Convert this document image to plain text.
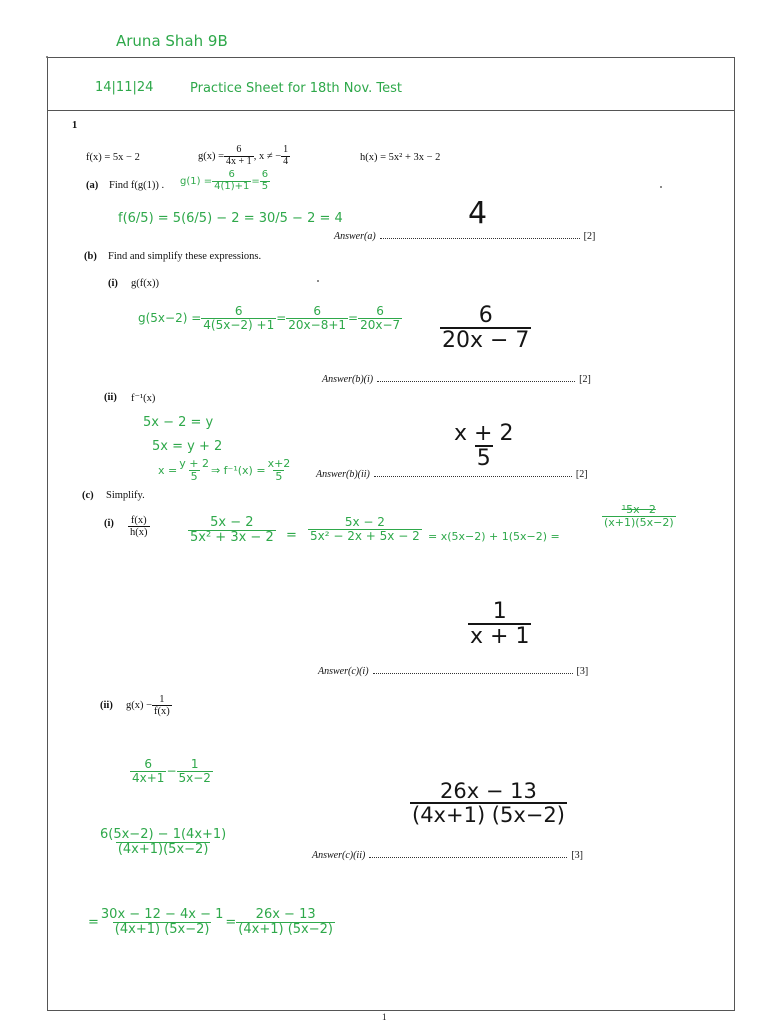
Aruna Shah 9B
14|11|24	Practice Sheet for 18th Nov. Test
1
f(x) = 5x − 2	$g(x) = \frac{6}{4x + 1}$ , x ≠ − $\frac{1}{4}$	h(x) = 5x² + 3x − 2
(a) Find f(g(1)) . $g(1) = \frac{6}{4(1)+1} = \frac{6}{5}$
f(6/5) = 5(6/5) − 2 = 30/5 − 2 = 4	4
Answer(a)	[2]
(b) Find and simplify these expressions.
(i) g(f(x))
$g(5x-2) = \frac{6}{4(5x-2) +1} = \frac{6}{20x-8+1} = \frac{6}{20x-7} \frac{6}{20x - 7}$
Answer(b)(i)	[2]
(ii) f⁻¹(x)
5x − 2 = y
5x = y + 2
$x = \frac{y + 2}{5}$ ⇒ $f^{-1}(x) = \frac{x+2}{5}$	$\frac{x + 2}{5}$
Answer(b)(ii)	[2]
(c) Simplify.
$(i) \frac{f(x)}{h(x)}$	$\frac{5x - 2}{\text{5x² + 3x − 2}} = \frac{5x - 2}{\text{5x² − 2x + 5x − 2}} = x(5x-2) + 1(5x-2)$ =
$\frac{\text{¹5x−2}}{(x+1)(5x-2)}$
$\frac{1}{x + 1}$
Answer(c)(i)	[3]
(ii) $g(x) - \frac{1}{f(x)}$
$\frac{6}{4x+1} - \frac{1}{5x-2}$
$\frac{6(5x-2) - 1(4x+1)}{(4x+1)(5x-2)}$
= $\frac{30x - 12 - 4x - 1}{(4x+1) (5x-2)} = \frac{26x - 13}{(4x+1) (5x-2)}$
$\frac{26x - 13}{(4x+1) (5x-2)}$
Answer(c)(ii)	[3]
1
